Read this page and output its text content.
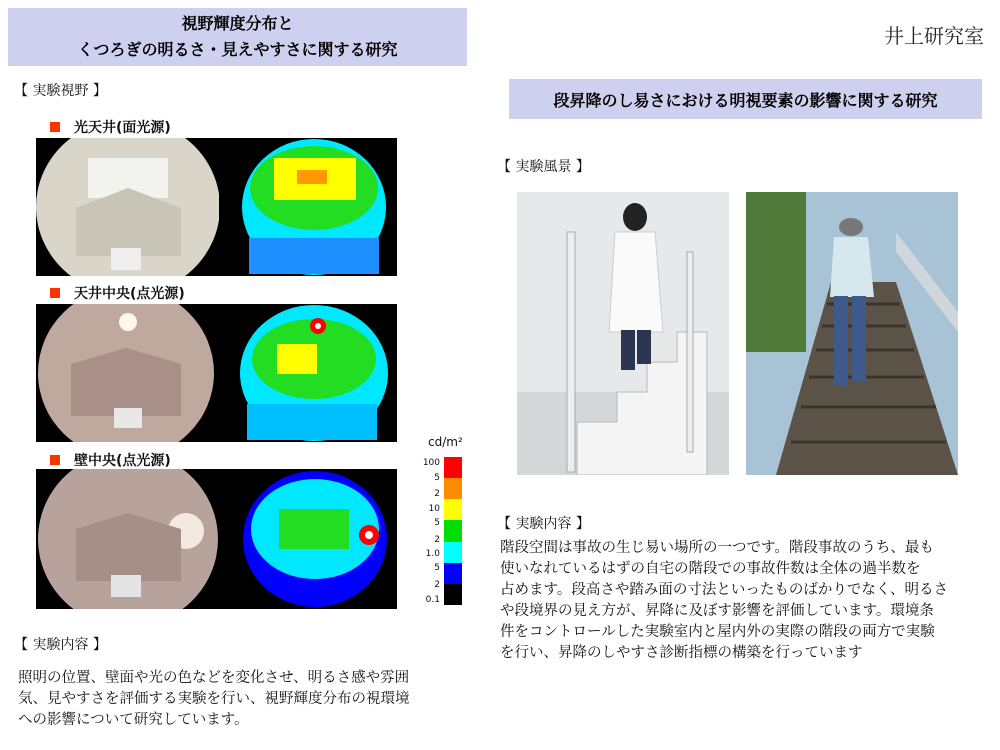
視野輝度分布と
くつろぎの明るさ・見えやすさに関する研究
井上研究室
【 実験視野 】
光天井(面光源)
天井中央(点光源)
壁中央(点光源)
cd/m²
100
5
2
10
5
2
1.0
5
2
0.1
【 実験内容 】
照明の位置、壁面や光の色などを変化させ、明るさ感や雰囲
気、見やすさを評価する実験を行い、視野輝度分布の視環境
への影響について研究しています。
段昇降のし易さにおける明視要素の影響に関する研究
【 実験風景 】
【 実験内容 】
階段空間は事故の生じ易い場所の一つです。階段事故のうち、最も
使いなれているはずの自宅の階段での事故件数は全体の過半数を
占めます。段高さや踏み面の寸法といったものばかりでなく、明るさ
や段境界の見え方が、昇降に及ぼす影響を評価しています。環境条
件をコントロールした実験室内と屋内外の実際の階段の両方で実験
を行い、昇降のしやすさ診断指標の構築を行っています
